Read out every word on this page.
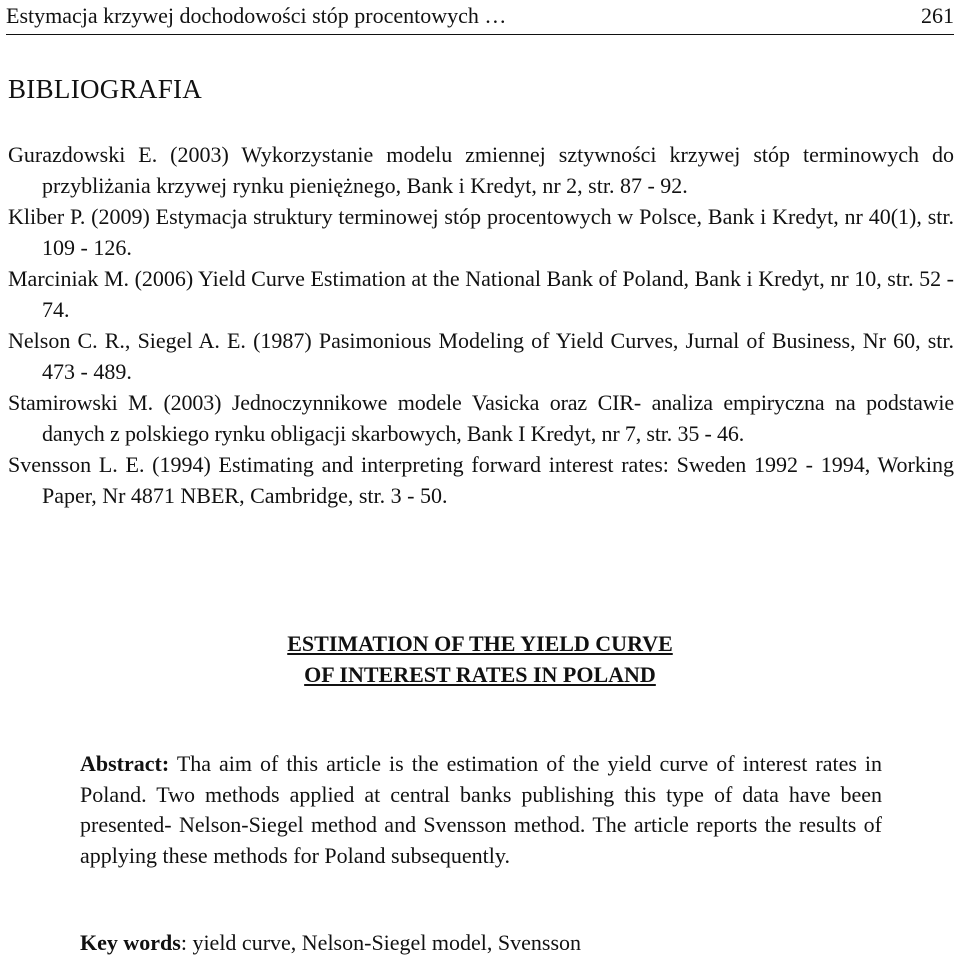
Estymacja krzywej dochodowości stóp procentowych …	261
BIBLIOGRAFIA
Gurazdowski E. (2003) Wykorzystanie modelu zmiennej sztywności krzywej stóp terminowych do przybliżania krzywej rynku pieniężnego, Bank i Kredyt, nr 2, str. 87 - 92.
Kliber P. (2009) Estymacja struktury terminowej stóp procentowych w Polsce, Bank i Kredyt, nr 40(1), str. 109 - 126.
Marciniak M. (2006) Yield Curve Estimation at the National Bank of Poland, Bank i Kredyt, nr 10, str. 52 - 74.
Nelson C. R., Siegel A. E. (1987) Pasimonious Modeling of Yield Curves, Jurnal of Business, Nr 60, str. 473 - 489.
Stamirowski M. (2003) Jednoczynnikowe modele Vasicka oraz CIR- analiza empiryczna na podstawie danych z polskiego rynku obligacji skarbowych, Bank I Kredyt, nr 7, str. 35 - 46.
Svensson L. E. (1994) Estimating and interpreting forward interest rates: Sweden 1992 - 1994, Working Paper, Nr 4871 NBER, Cambridge, str. 3 - 50.
ESTIMATION OF THE YIELD CURVE
OF INTEREST RATES IN POLAND

Abstract: Tha aim of this article is the estimation of the yield curve of interest rates in Poland. Two methods applied at central banks publishing this type of data have been presented- Nelson-Siegel method and Svensson method. The article reports the results of applying these methods for Poland subsequently.

Key words: yield curve, Nelson-Siegel model, Svensson
